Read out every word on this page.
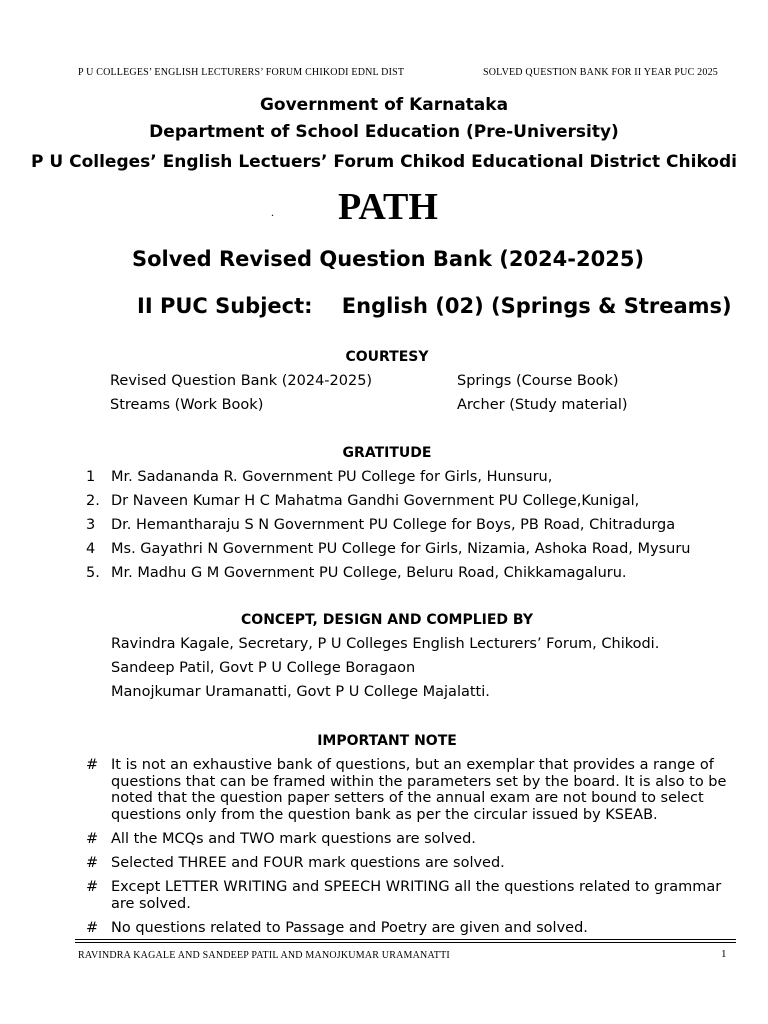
P U COLLEGES’ ENGLISH LECTURERS’ FORUM CHIKODI EDNL DIST	SOLVED QUESTION BANK FOR II YEAR PUC 2025
Government of Karnataka
Department of School Education (Pre-University)
P U Colleges’ English Lectuers’ Forum Chikod Educational District Chikodi
.	PATH
Solved Revised Question Bank (2024-2025)
II PUC Subject:    English (02) (Springs & Streams)
COURTESY
Revised Question Bank (2024-2025)	Springs (Course Book)
Streams (Work Book)	Archer (Study material)
GRATITUDE
1 Mr. Sadananda R. Government PU College for Girls, Hunsuru,
2. Dr Naveen Kumar H C Mahatma Gandhi Government PU College,Kunigal,
3 Dr. Hemantharaju S N Government PU College for Boys, PB Road, Chitradurga
4 Ms. Gayathri N Government PU College for Girls, Nizamia, Ashoka Road, Mysuru
5. Mr. Madhu G M Government PU College, Beluru Road, Chikkamagaluru.
CONCEPT, DESIGN AND COMPLIED BY
Ravindra Kagale, Secretary, P U Colleges English Lecturers’ Forum, Chikodi.
Sandeep Patil, Govt P U College Boragaon
Manojkumar Uramanatti, Govt P U College Majalatti.
IMPORTANT NOTE
# It is not an exhaustive bank of questions, but an exemplar that provides a range of questions that can be framed within the parameters set by the board. It is also to be noted that the question paper setters of the annual exam are not bound to select questions only from the question bank as per the circular issued by KSEAB.
# All the MCQs and TWO mark questions are solved.
# Selected THREE and FOUR mark questions are solved.
# Except LETTER WRITING and SPEECH WRITING all the questions related to grammar are solved.
# No questions related to Passage and Poetry are given and solved.
RAVINDRA KAGALE AND SANDEEP PATIL AND MANOJKUMAR URAMANATTI	1
